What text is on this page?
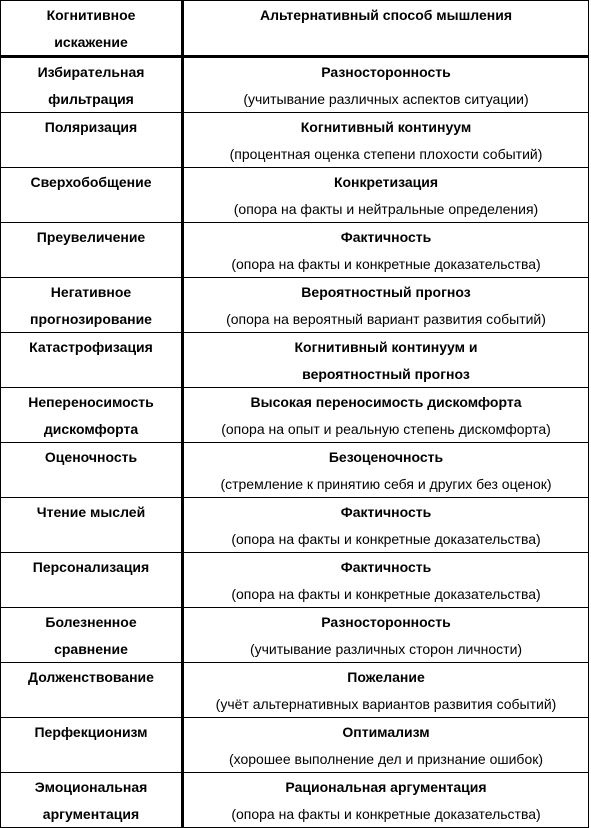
Когнитивное
искажение	Альтернативный способ мышления

Избирательная
фильтрация	Разносторонность
(учитывание различных аспектов ситуации)

Поляризация	Когнитивный континуум
(процентная оценка степени плохости событий)

Сверхобобщение	Конкретизация
(опора на факты и нейтральные определения)

Преувеличение	Фактичность
(опора на факты и конкретные доказательства)

Негативное
прогнозирование	Вероятностный прогноз
(опора на вероятный вариант развития событий)

Катастрофизация	Когнитивный континуум и
вероятностный прогноз

Непереносимость
дискомфорта	Высокая переносимость дискомфорта
(опора на опыт и реальную степень дискомфорта)

Оценочность	Безоценочность
(стремление к принятию себя и других без оценок)

Чтение мыслей	Фактичность
(опора на факты и конкретные доказательства)

Персонализация	Фактичность
(опора на факты и конкретные доказательства)

Болезненное
сравнение	Разносторонность
(учитывание различных сторон личности)

Долженствование	Пожелание
(учёт альтернативных вариантов развития событий)

Перфекционизм	Оптимализм
(хорошее выполнение дел и признание ошибок)

Эмоциональная
аргументация	Рациональная аргументация
(опора на факты и конкретные доказательства)
